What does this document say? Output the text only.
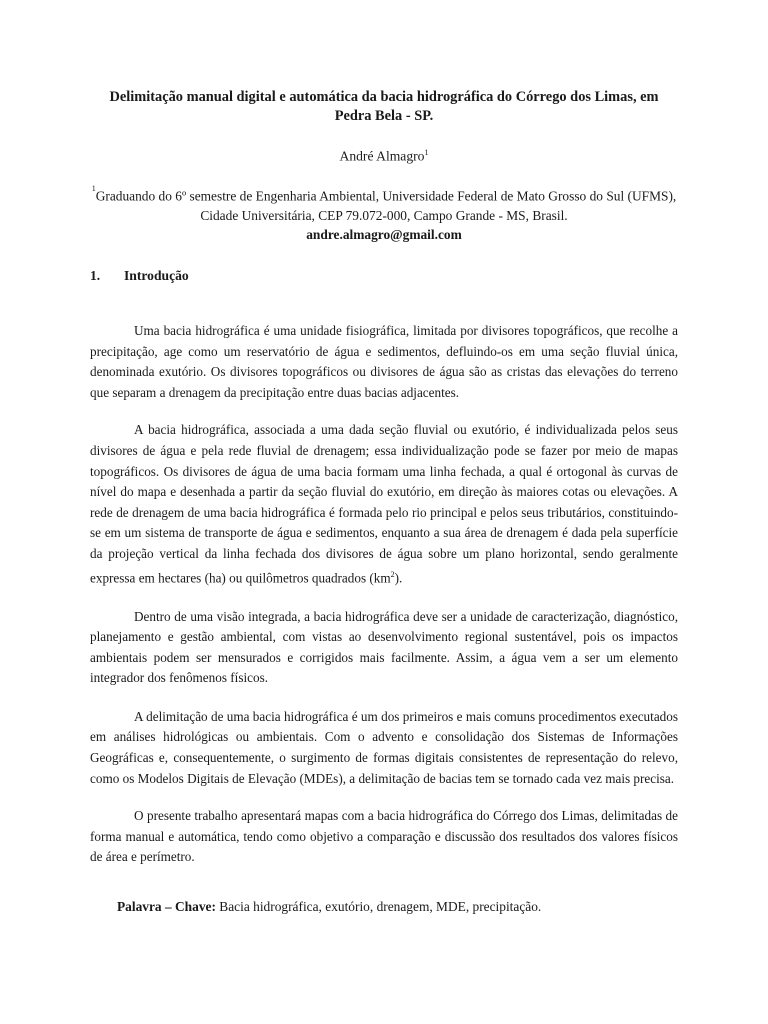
Delimitação manual digital e automática da bacia hidrográfica do Córrego dos Limas, em Pedra Bela - SP.
André Almagro$^1$
$^1$Graduando do 6º semestre de Engenharia Ambiental, Universidade Federal de Mato Grosso do Sul (UFMS), Cidade Universitária, CEP 79.072-000, Campo Grande - MS, Brasil.
andre.almagro@gmail.com
1.	Introdução

Uma bacia hidrográfica é uma unidade fisiográfica, limitada por divisores topográficos, que recolhe a precipitação, age como um reservatório de água e sedimentos, defluindo-os em uma seção fluvial única, denominada exutório. Os divisores topográficos ou divisores de água são as cristas das elevações do terreno que separam a drenagem da precipitação entre duas bacias adjacentes.

A bacia hidrográfica, associada a uma dada seção fluvial ou exutório, é individualizada pelos seus divisores de água e pela rede fluvial de drenagem; essa individualização pode se fazer por meio de mapas topográficos. Os divisores de água de uma bacia formam uma linha fechada, a qual é ortogonal às curvas de nível do mapa e desenhada a partir da seção fluvial do exutório, em direção às maiores cotas ou elevações. A rede de drenagem de uma bacia hidrográfica é formada pelo rio principal e pelos seus tributários, constituindo-se em um sistema de transporte de água e sedimentos, enquanto a sua área de drenagem é dada pela superfície da projeção vertical da linha fechada dos divisores de água sobre um plano horizontal, sendo geralmente expressa em hectares (ha) ou quilômetros quadrados $(km^2)$.

Dentro de uma visão integrada, a bacia hidrográfica deve ser a unidade de caracterização, diagnóstico, planejamento e gestão ambiental, com vistas ao desenvolvimento regional sustentável, pois os impactos ambientais podem ser mensurados e corrigidos mais facilmente. Assim, a água vem a ser um elemento integrador dos fenômenos físicos.

A delimitação de uma bacia hidrográfica é um dos primeiros e mais comuns procedimentos executados em análises hidrológicas ou ambientais. Com o advento e consolidação dos Sistemas de Informações Geográficas e, consequentemente, o surgimento de formas digitais consistentes de representação do relevo, como os Modelos Digitais de Elevação (MDEs), a delimitação de bacias tem se tornado cada vez mais precisa.

O presente trabalho apresentará mapas com a bacia hidrográfica do Córrego dos Limas, delimitadas de forma manual e automática, tendo como objetivo a comparação e discussão dos resultados dos valores físicos de área e perímetro.

Palavra – Chave: Bacia hidrográfica, exutório, drenagem, MDE, precipitação.
